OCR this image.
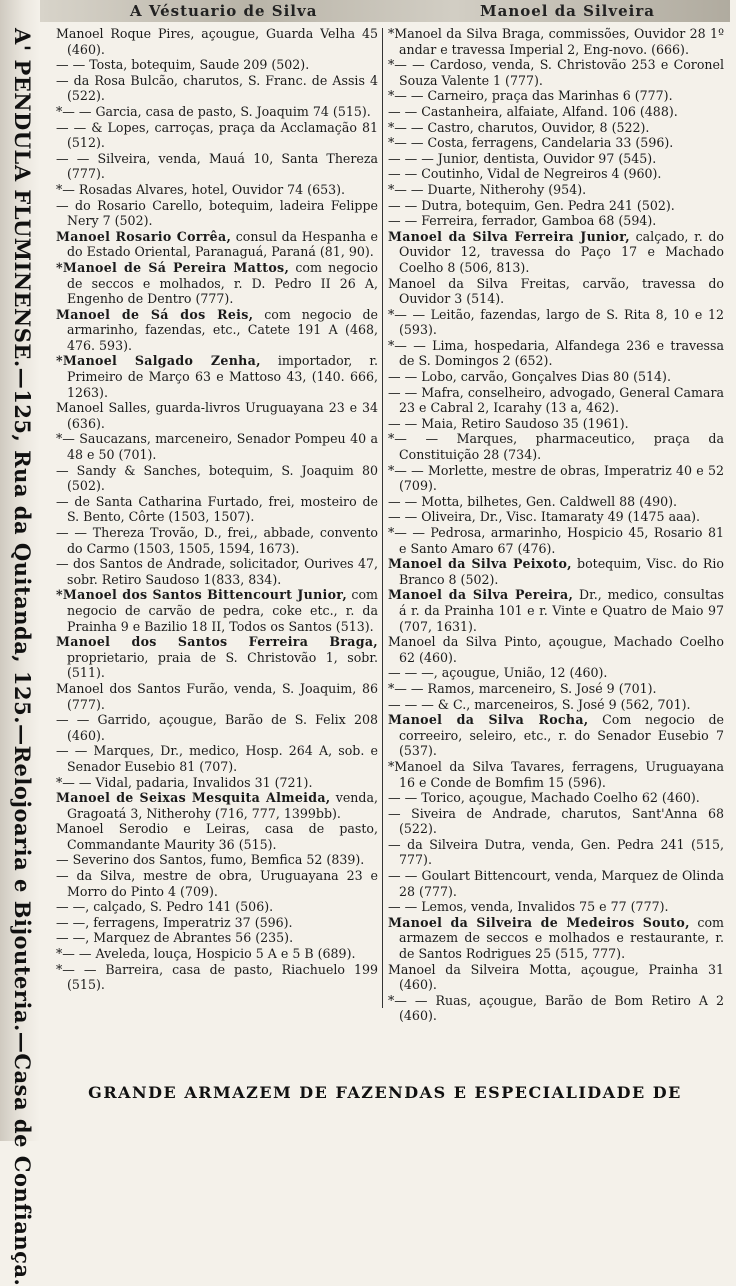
A Véstuario de Silva	Manoel da Silveira
A' PENDULA FLUMINENSE.—125, Rua da Quitanda, 125.—Relojoaria e Bijouteria.—Casa de Confiança. Manoel Roque Pires, açougue, Guarda Velha 45 (460).

— — Tosta, botequim, Saude 209 (502).

— da Rosa Bulcão, charutos, S. Franc. de Assis 4 (522).

*— — Garcia, casa de pasto, S. Joaquim 74 (515).

— — & Lopes, carroças, praça da Acclamação 81 (512).

— — Silveira, venda, Mauá 10, Santa Thereza (777).

*— Rosadas Alvares, hotel, Ouvidor 74 (653).

— do Rosario Carello, botequim, ladeira Felippe Nery 7 (502).

Manoel Rosario Corrêa, consul da Hespanha e do Estado Oriental, Paranaguá, Paraná (81, 90).

*Manoel de Sá Pereira Mattos, com negocio de seccos e molhados, r. D. Pedro II 26 A, Engenho de Dentro (777).

Manoel de Sá dos Reis, com negocio de armarinho, fazendas, etc., Catete 191 A (468, 476. 593).

*Manoel Salgado Zenha, importador, r. Primeiro de Março 63 e Mattoso 43, (140. 666, 1263).

Manoel Salles, guarda-livros Uruguayana 23 e 34 (636).

*— Saucazans, marceneiro, Senador Pompeu 40 a 48 e 50 (701).

— Sandy & Sanches, botequim, S. Joaquim 80 (502).

— de Santa Catharina Furtado, frei, mosteiro de S. Bento, Côrte (1503, 1507).

— — Thereza Trovão, D., frei,, abbade, convento do Carmo (1503, 1505, 1594, 1673).

— dos Santos de Andrade, solicitador, Ourives 47, sobr. Retiro Saudoso 1(833, 834).

*Manoel dos Santos Bittencourt Junior, com negocio de carvão de pedra, coke etc., r. da Prainha 9 e Bazilio 18 II, Todos os Santos (513).

Manoel dos Santos Ferreira Braga, proprietario, praia de S. Christovão 1, sobr. (511).

Manoel dos Santos Furão, venda, S. Joaquim, 86 (777).

— — Garrido, açougue, Barão de S. Felix 208 (460).

— — Marques, Dr., medico, Hosp. 264 A, sob. e Senador Eusebio 81 (707).

*— — Vidal, padaria, Invalidos 31 (721).

Manoel de Seixas Mesquita Almeida, venda, Gragoatá 3, Nitherohy (716, 777, 1399bb).

Manoel Serodio e Leiras, casa de pasto, Commandante Maurity 36 (515).

— Severino dos Santos, fumo, Bemfica 52 (839).

— da Silva, mestre de obra, Uruguayana 23 e Morro do Pinto 4 (709).

— —, calçado, S. Pedro 141 (506).

— —, ferragens, Imperatriz 37 (596).

— —, Marquez de Abrantes 56 (235).

*— — Aveleda, louça, Hospicio 5 A e 5 B (689).

*— — Barreira, casa de pasto, Riachuelo 199 (515).

*Manoel da Silva Braga, commissões, Ouvidor 28 1º andar e travessa Imperial 2, Eng-novo. (666).

*— — Cardoso, venda, S. Christovão 253 e Coronel Souza Valente 1 (777).

*— — Carneiro, praça das Marinhas 6 (777).

— — Castanheira, alfaiate, Alfand. 106 (488).

*— — Castro, charutos, Ouvidor, 8 (522).

*— — Costa, ferragens, Candelaria 33 (596).

— — — Junior, dentista, Ouvidor 97 (545).

— — Coutinho, Vidal de Negreiros 4 (960).

*— — Duarte, Nitherohy (954).

— — Dutra, botequim, Gen. Pedra 241 (502).

— — Ferreira, ferrador, Gamboa 68 (594).

Manoel da Silva Ferreira Junior, calçado, r. do Ouvidor 12, travessa do Paço 17 e Machado Coelho 8 (506, 813).

Manoel da Silva Freitas, carvão, travessa do Ouvidor 3 (514).

*— — Leitão, fazendas, largo de S. Rita 8, 10 e 12 (593).

*— — Lima, hospedaria, Alfandega 236 e travessa de S. Domingos 2 (652).

— — Lobo, carvão, Gonçalves Dias 80 (514).

— — Mafra, conselheiro, advogado, General Camara 23 e Cabral 2, Icarahy (13 a, 462).

— — Maia, Retiro Saudoso 35 (1961).

*— — Marques, pharmaceutico, praça da Constituição 28 (734).

*— — Morlette, mestre de obras, Imperatriz 40 e 52 (709).

— — Motta, bilhetes, Gen. Caldwell 88 (490).

— — Oliveira, Dr., Visc. Itamaraty 49 (1475 aaa).

*— — Pedrosa, armarinho, Hospicio 45, Rosario 81 e Santo Amaro 67 (476).

Manoel da Silva Peixoto, botequim, Visc. do Rio Branco 8 (502).

Manoel da Silva Pereira, Dr., medico, consultas á r. da Prainha 101 e r. Vinte e Quatro de Maio 97 (707, 1631).

Manoel da Silva Pinto, açougue, Machado Coelho 62 (460).

— — —, açougue, União, 12 (460).

*— — Ramos, marceneiro, S. José 9 (701).

— — — & C., marceneiros, S. José 9 (562, 701).

Manoel da Silva Rocha, Com negocio de correeiro, seleiro, etc., r. do Senador Eusebio 7 (537).

*Manoel da Silva Tavares, ferragens, Uruguayana 16 e Conde de Bomfim 15 (596).

— — Torico, açougue, Machado Coelho 62 (460).

— Siveira de Andrade, charutos, Sant'Anna 68 (522).

— da Silveira Dutra, venda, Gen. Pedra 241 (515, 777).

— — Goulart Bittencourt, venda, Marquez de Olinda 28 (777).

— — Lemos, venda, Invalidos 75 e 77 (777).

Manoel da Silveira de Medeiros Souto, com armazem de seccos e molhados e restaurante, r. de Santos Rodrigues 25 (515, 777).

Manoel da Silveira Motta, açougue, Prainha 31 (460).

*— — Ruas, açougue, Barão de Bom Retiro A 2 (460).

GRANDE ARMAZEM DE FAZENDAS E ESPECIALIDADE DE
